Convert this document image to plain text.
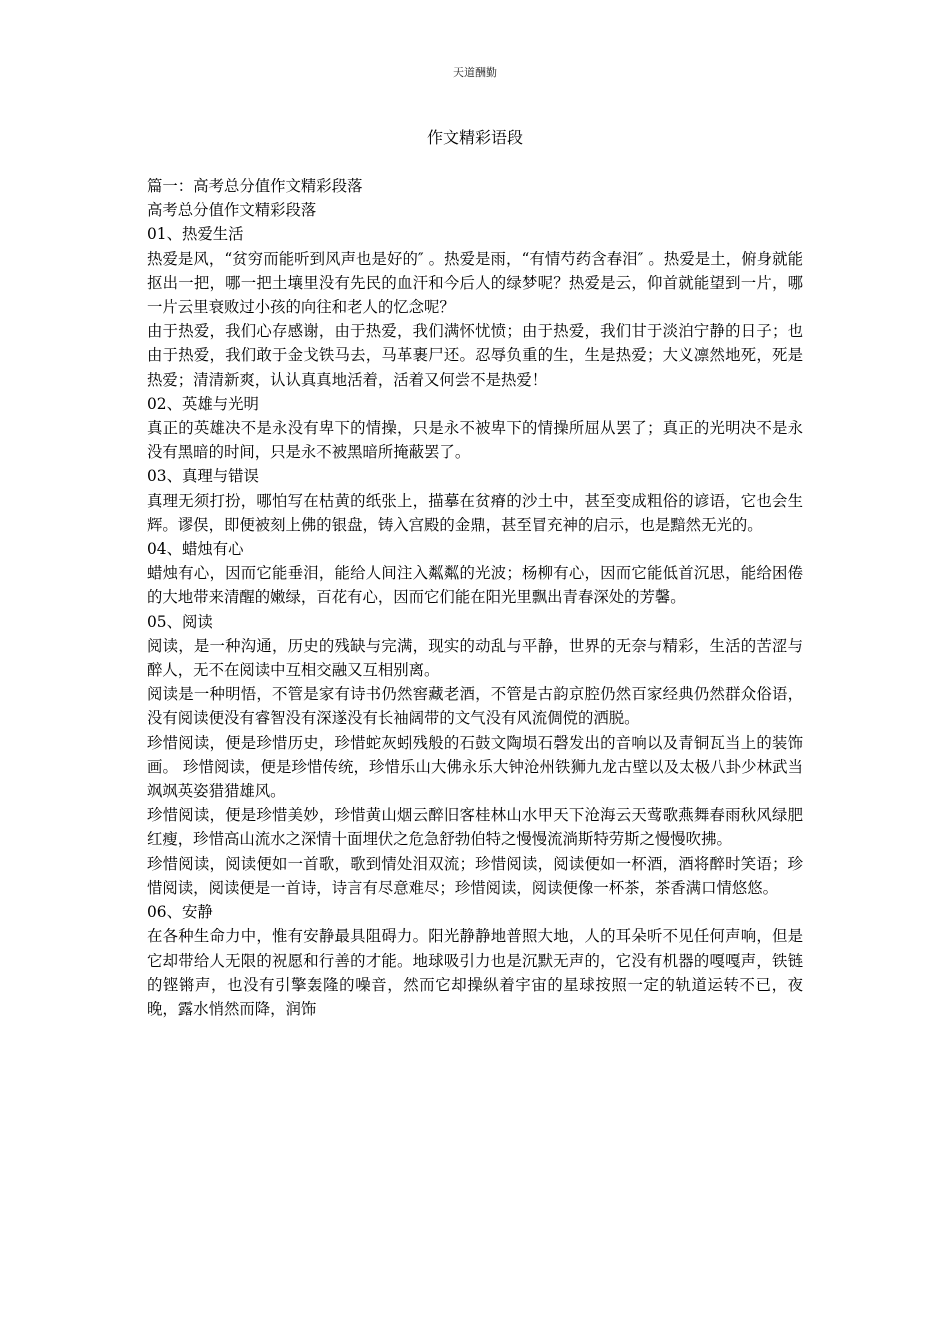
天道酬勤
作文精彩语段

篇一：高考总分值作文精彩段落

高考总分值作文精彩段落

01、热爱生活

热爱是风，“贫穷而能听到风声也是好的″ 。热爱是雨，“有情芍药含春泪″ 。热爱是土，俯身就能抠出一把，哪一把土壤里没有先民的血汗和今后人的绿梦呢？热爱是云，仰首就能望到一片，哪一片云里衰败过小孩的向往和老人的忆念呢？

由于热爱，我们心存感谢，由于热爱，我们满怀忧愤；由于热爱，我们甘于淡泊宁静的日子；也由于热爱，我们敢于金戈铁马去，马革裹尸还。忍辱负重的生，生是热爱；大义凛然地死，死是热爱；清清新爽，认认真真地活着，活着又何尝不是热爱！

02、英雄与光明

真正的英雄决不是永没有卑下的情操，只是永不被卑下的情操所屈从罢了；真正的光明决不是永没有黑暗的时间，只是永不被黑暗所掩蔽罢了。

03、真理与错误

真理无须打扮，哪怕写在枯黄的纸张上，描摹在贫瘠的沙土中，甚至变成粗俗的谚语，它也会生辉。谬俣，即便被刻上佛的银盘，铸入宫殿的金鼎，甚至冒充神的启示，也是黯然无光的。

04、蜡烛有心

蜡烛有心，因而它能垂泪，能给人间注入粼粼的光波；杨柳有心，因而它能低首沉思，能给困倦的大地带来清醒的嫩绿，百花有心，因而它们能在阳光里飘出青春深处的芳馨。

05、阅读

阅读，是一种沟通，历史的残缺与完满，现实的动乱与平静，世界的无奈与精彩，生活的苦涩与醉人，无不在阅读中互相交融又互相别离。

阅读是一种明悟，不管是家有诗书仍然窖藏老酒，不管是古韵京腔仍然百家经典仍然群众俗语，没有阅读便没有睿智没有深遂没有长袖阔带的文气没有风流倜傥的洒脱。

珍惜阅读，便是珍惜历史，珍惜蛇灰蚓残般的石鼓文陶埙石磬发出的音响以及青铜瓦当上的装饰画。 珍惜阅读，便是珍惜传统，珍惜乐山大佛永乐大钟沧州铁狮九龙古壁以及太极八卦少林武当飒飒英姿猎猎雄风。

珍惜阅读，便是珍惜美妙，珍惜黄山烟云醉旧客桂林山水甲天下沧海云天莺歌燕舞春雨秋风绿肥红瘦，珍惜高山流水之深情十面埋伏之危急舒勃伯特之慢慢流淌斯特劳斯之慢慢吹拂。

珍惜阅读，阅读便如一首歌，歌到情处泪双流；珍惜阅读，阅读便如一杯酒，酒将醉时笑语；珍惜阅读，阅读便是一首诗，诗言有尽意难尽；珍惜阅读，阅读便像一杯茶，茶香满口情悠悠。

06、安静

在各种生命力中，惟有安静最具阻碍力。阳光静静地普照大地，人的耳朵听不见任何声响，但是它却带给人无限的祝愿和行善的才能。地球吸引力也是沉默无声的，它没有机器的嘎嘎声，铁链的铿锵声，也没有引擎轰隆的噪音，然而它却操纵着宇宙的星球按照一定的轨道运转不已，夜晚，露水悄然而降，润饰
